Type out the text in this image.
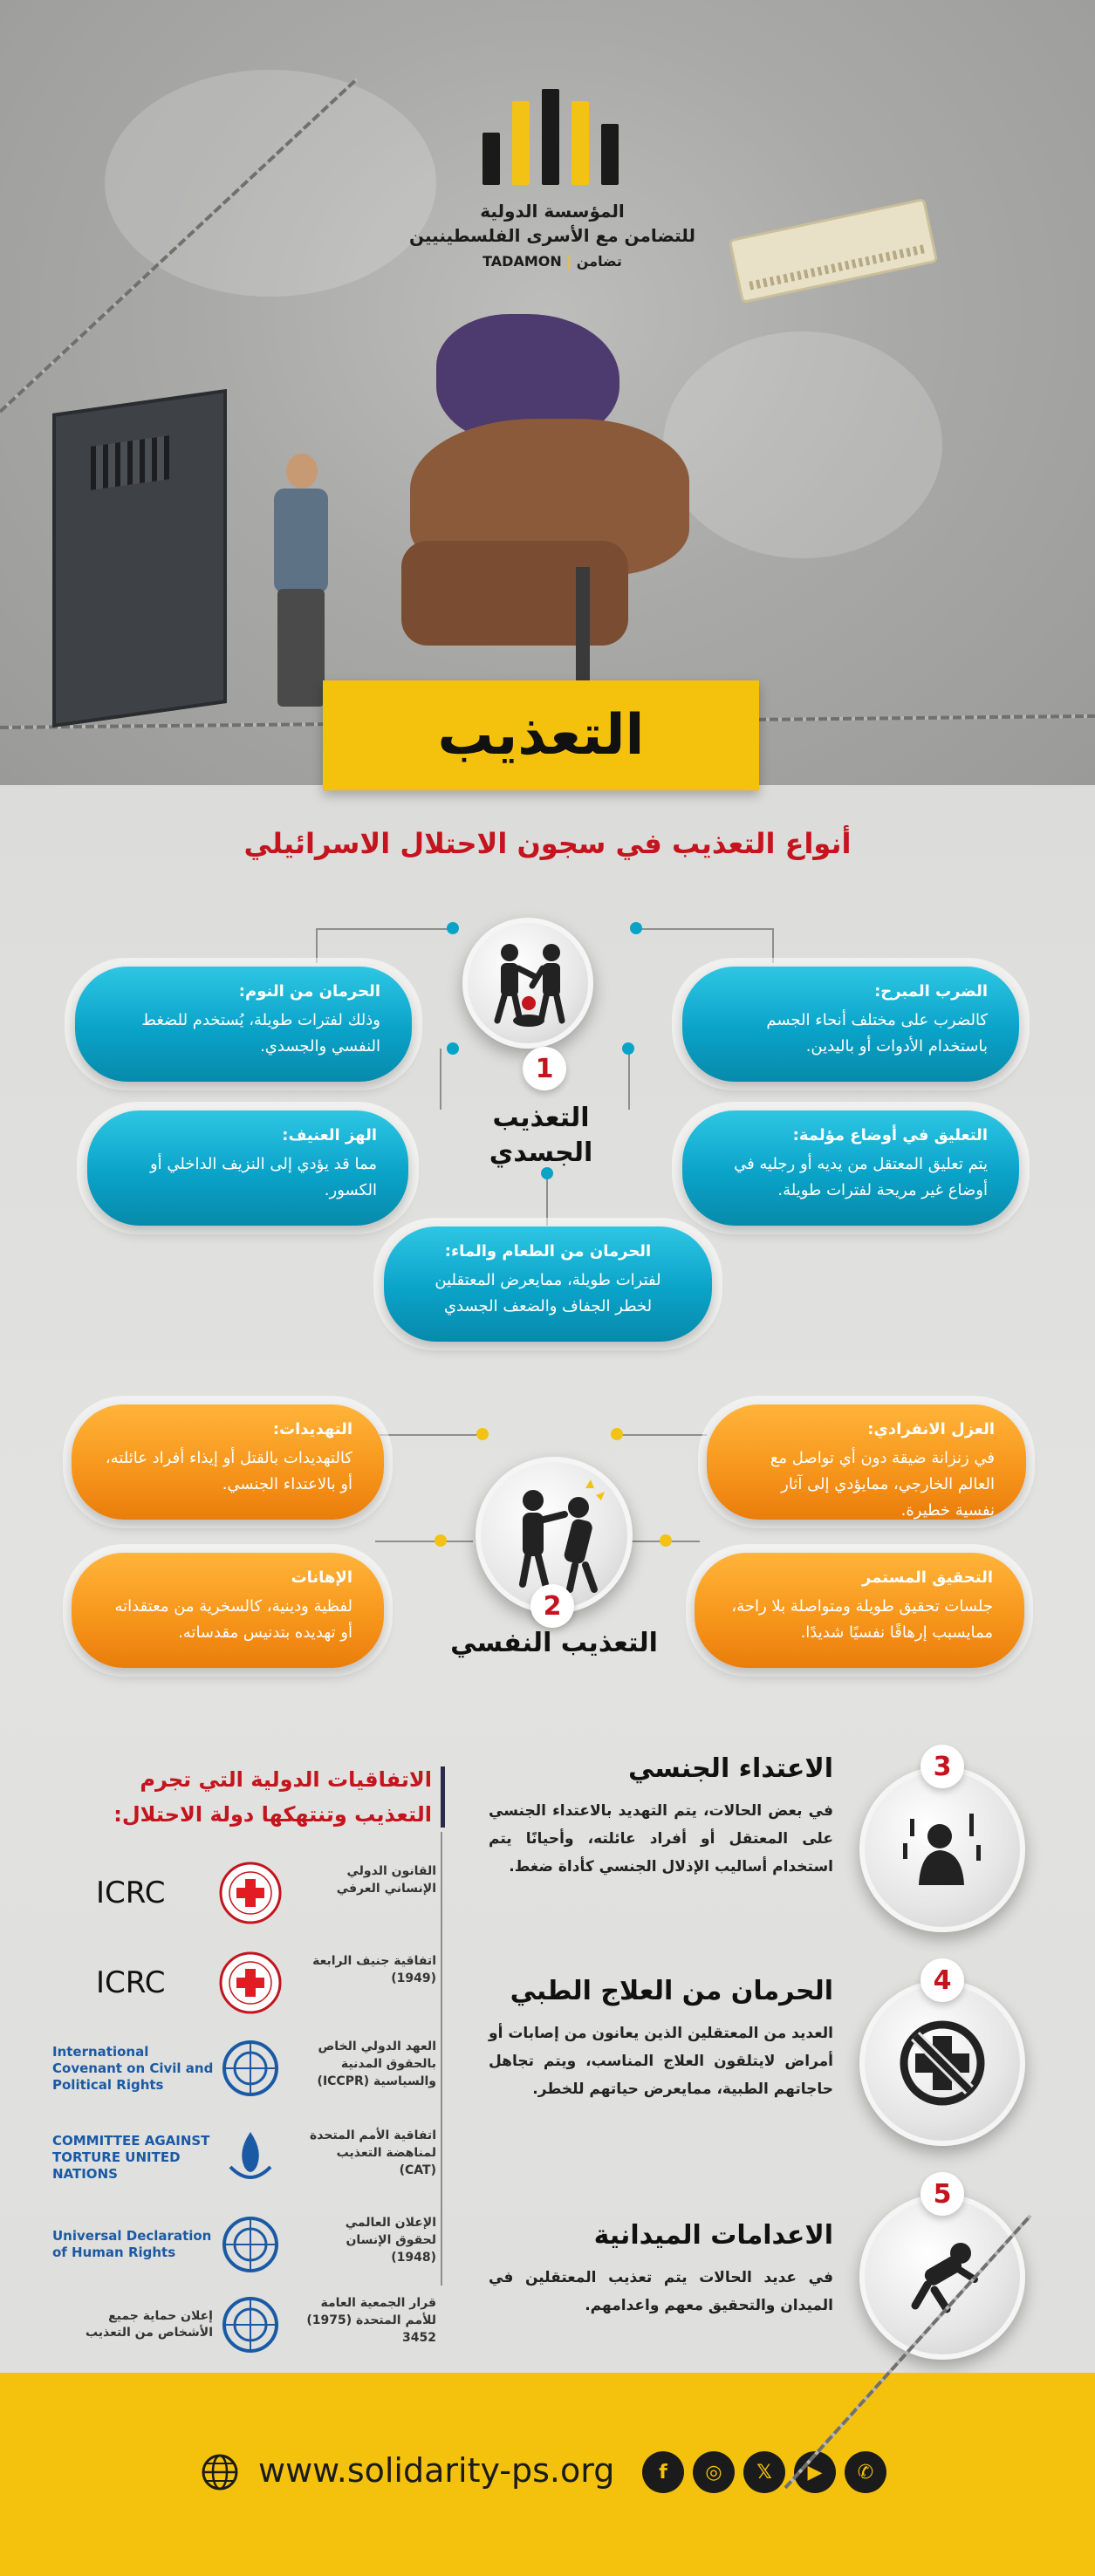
المؤسسة الدولية
للتضامن مع الأسرى الفلسطينيين
تضامن | TADAMON
التعذيب
أنواع التعذيب في سجون الاحتلال الاسرائيلي
1
التعذيب
الجسدي
الضرب المبرح:
كالضرب على مختلف أنحاء الجسم باستخدام الأدوات أو باليدين.
الحرمان من النوم:
وذلك لفترات طويلة، يُستخدم للضغط النفسي والجسدي.
التعليق في أوضاع مؤلمة:
يتم تعليق المعتقل من يديه أو رجليه في أوضاع غير مريحة لفترات طويلة.
الهز العنيف:
مما قد يؤدي إلى النزيف الداخلي أو الكسور.
الحرمان من الطعام والماء:
لفترات طويلة، ممايعرض المعتقلين لخطر الجفاف والضعف الجسدي
2
التعذيب النفسي
العزل الانفرادي:
في زنزانة ضيقة دون أي تواصل مع العالم الخارجي، ممايؤدي إلى آثار نفسية خطيرة.
التهديدات:
كالتهديدات بالقتل أو إيذاء أفراد عائلته، أو بالاعتداء الجنسي.
التحقيق المستمر
جلسات تحقيق طويلة ومتواصلة بلا راحة، ممايسبب إرهاقًا نفسيًا شديدًا.
الإهانات
لفظية ودينية، كالسخرية من معتقداته أو تهديده بتدنيس مقدساته.
3
الاعتداء الجنسي
في بعض الحالات، يتم التهديد بالاعتداء الجنسي على المعتقل أو أفراد عائلته، وأحيانًا يتم استخدام أساليب الإذلال الجنسي كأداة ضغط.
4
الحرمان من العلاج الطبي
العديد من المعتقلين الذين يعانون من إصابات أو أمراض لايتلقون العلاج المناسب، ويتم تجاهل حاجاتهم الطبية، ممايعرض حياتهم للخطر.
5
الاعدامات الميدانية
في عديد الحالات يتم تعذيب المعتقلين في الميدان والتحقيق معهم واعدامهم.
الاتفاقيات الدولية التي تجرم
التعذيب وتنتهكها دولة الاحتلال:
القانون الدولي الإنساني العرفي
ICRC
اتفاقية جنيف الرابعة (1949)
ICRC
العهد الدولي الخاص بالحقوق المدنية والسياسية (ICCPR)
International Covenant on Civil and Political Rights
اتفاقية الأمم المتحدة لمناهضة التعذيب (CAT)
COMMITTEE AGAINST TORTURE UNITED NATIONS
الإعلان العالمي لحقوق الإنسان (1948)
Universal Declaration of Human Rights
قرار الجمعية العامة للأمم المتحدة (1975) 3452
إعلان حماية جميع الأشخاص من التعذيب
www.solidarity-ps.org	f	◎	𝕏	▶	✆
